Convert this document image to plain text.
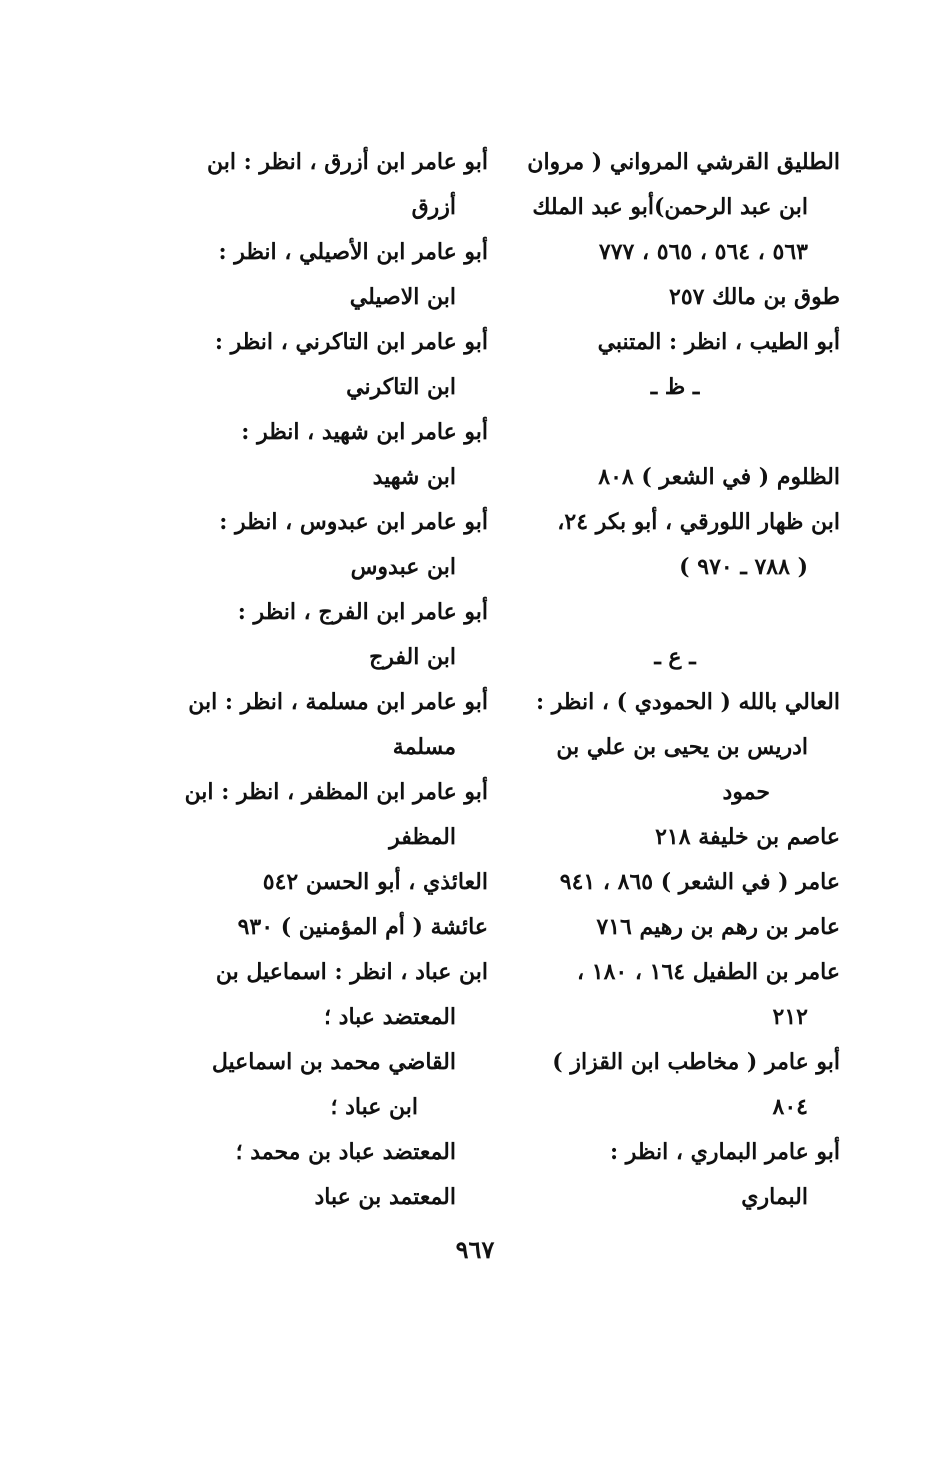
الطليق القرشي المرواني ( مروان
ابن عبد الرحمن)أبو عبد الملك
٥٦٣ ، ٥٦٤ ، ٥٦٥ ، ٧٧٧
طوق بن مالك ٢٥٧
أبو الطيب ، انظر : المتنبي
ـ ظ ـ
الظلوم ( في الشعر ) ٨٠٨
ابن ظهار اللورقي ، أبو بكر ٢٤،
( ٧٨٨ ـ ٩٧٠ )
ـ ع ـ
العالي بالله ( الحمودي ) ، انظر :
ادريس بن يحيى بن علي بن
حمود
عاصم بن خليفة ٢١٨
عامر ( في الشعر ) ٨٦٥ ، ٩٤١
عامر بن رهم بن رهيم ٧١٦
عامر بن الطفيل ١٦٤ ، ١٨٠ ،
٢١٢
أبو عامر ( مخاطب ابن القزاز )
٨٠٤
أبو عامر البماري ، انظر :
البماري
أبو عامر ابن أزرق ، انظر : ابن
أزرق
أبو عامر ابن الأصيلي ، انظر :
ابن الاصيلي
أبو عامر ابن التاكرني ، انظر :
ابن التاكرني
أبو عامر ابن شهيد ، انظر :
ابن شهيد
أبو عامر ابن عبدوس ، انظر :
ابن عبدوس
أبو عامر ابن الفرج ، انظر :
ابن الفرج
أبو عامر ابن مسلمة ، انظر : ابن
مسلمة
أبو عامر ابن المظفر ، انظر : ابن
المظفر
العائذي ، أبو الحسن ٥٤٢
عائشة ( أم المؤمنين ) ٩٣٠
ابن عباد ، انظر : اسماعيل بن
المعتضد عباد ؛
القاضي محمد بن اسماعيل
ابن عباد ؛
المعتضد عباد بن محمد ؛
المعتمد بن عباد
٩٦٧
